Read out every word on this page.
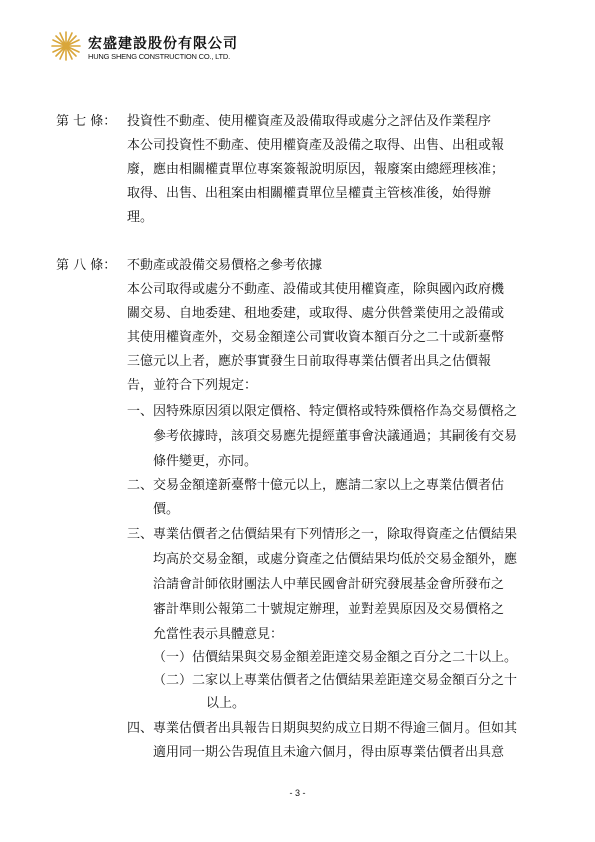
宏盛建設股份有限公司
HUNG SHENG CONSTRUCTION CO., LTD.
第 七 條： 投資性不動產、使用權資產及設備取得或處分之評估及作業程序
本公司投資性不動產、使用權資產及設備之取得、出售、出租或報
廢，應由相關權責單位專案簽報說明原因，報廢案由總經理核准；
取得、出售、出租案由相關權責單位呈權責主管核准後，始得辦
理。
第 八 條： 不動產或設備交易價格之參考依據
本公司取得或處分不動產、設備或其使用權資產，除與國內政府機
關交易、自地委建、租地委建，或取得、處分供營業使用之設備或
其使用權資產外，交易金額達公司實收資本額百分之二十或新臺幣
三億元以上者，應於事實發生日前取得專業估價者出具之估價報
告，並符合下列規定：
一、 因特殊原因須以限定價格、特定價格或特殊價格作為交易價格之
參考依據時，該項交易應先提經董事會決議通過；其嗣後有交易
條件變更，亦同。
二、 交易金額達新臺幣十億元以上，應請二家以上之專業估價者估
價。
三、 專業估價者之估價結果有下列情形之一，除取得資產之估價結果
均高於交易金額，或處分資產之估價結果均低於交易金額外，應
洽請會計師依財團法人中華民國會計研究發展基金會所發布之
審計準則公報第二十號規定辦理，並對差異原因及交易價格之
允當性表示具體意見：
（一） 估價結果與交易金額差距達交易金額之百分之二十以上。
（二） 二家以上專業估價者之估價結果差距達交易金額百分之十
以上。
四、 專業估價者出具報告日期與契約成立日期不得逾三個月。但如其
適用同一期公告現值且未逾六個月，得由原專業估價者出具意
- 3 -
